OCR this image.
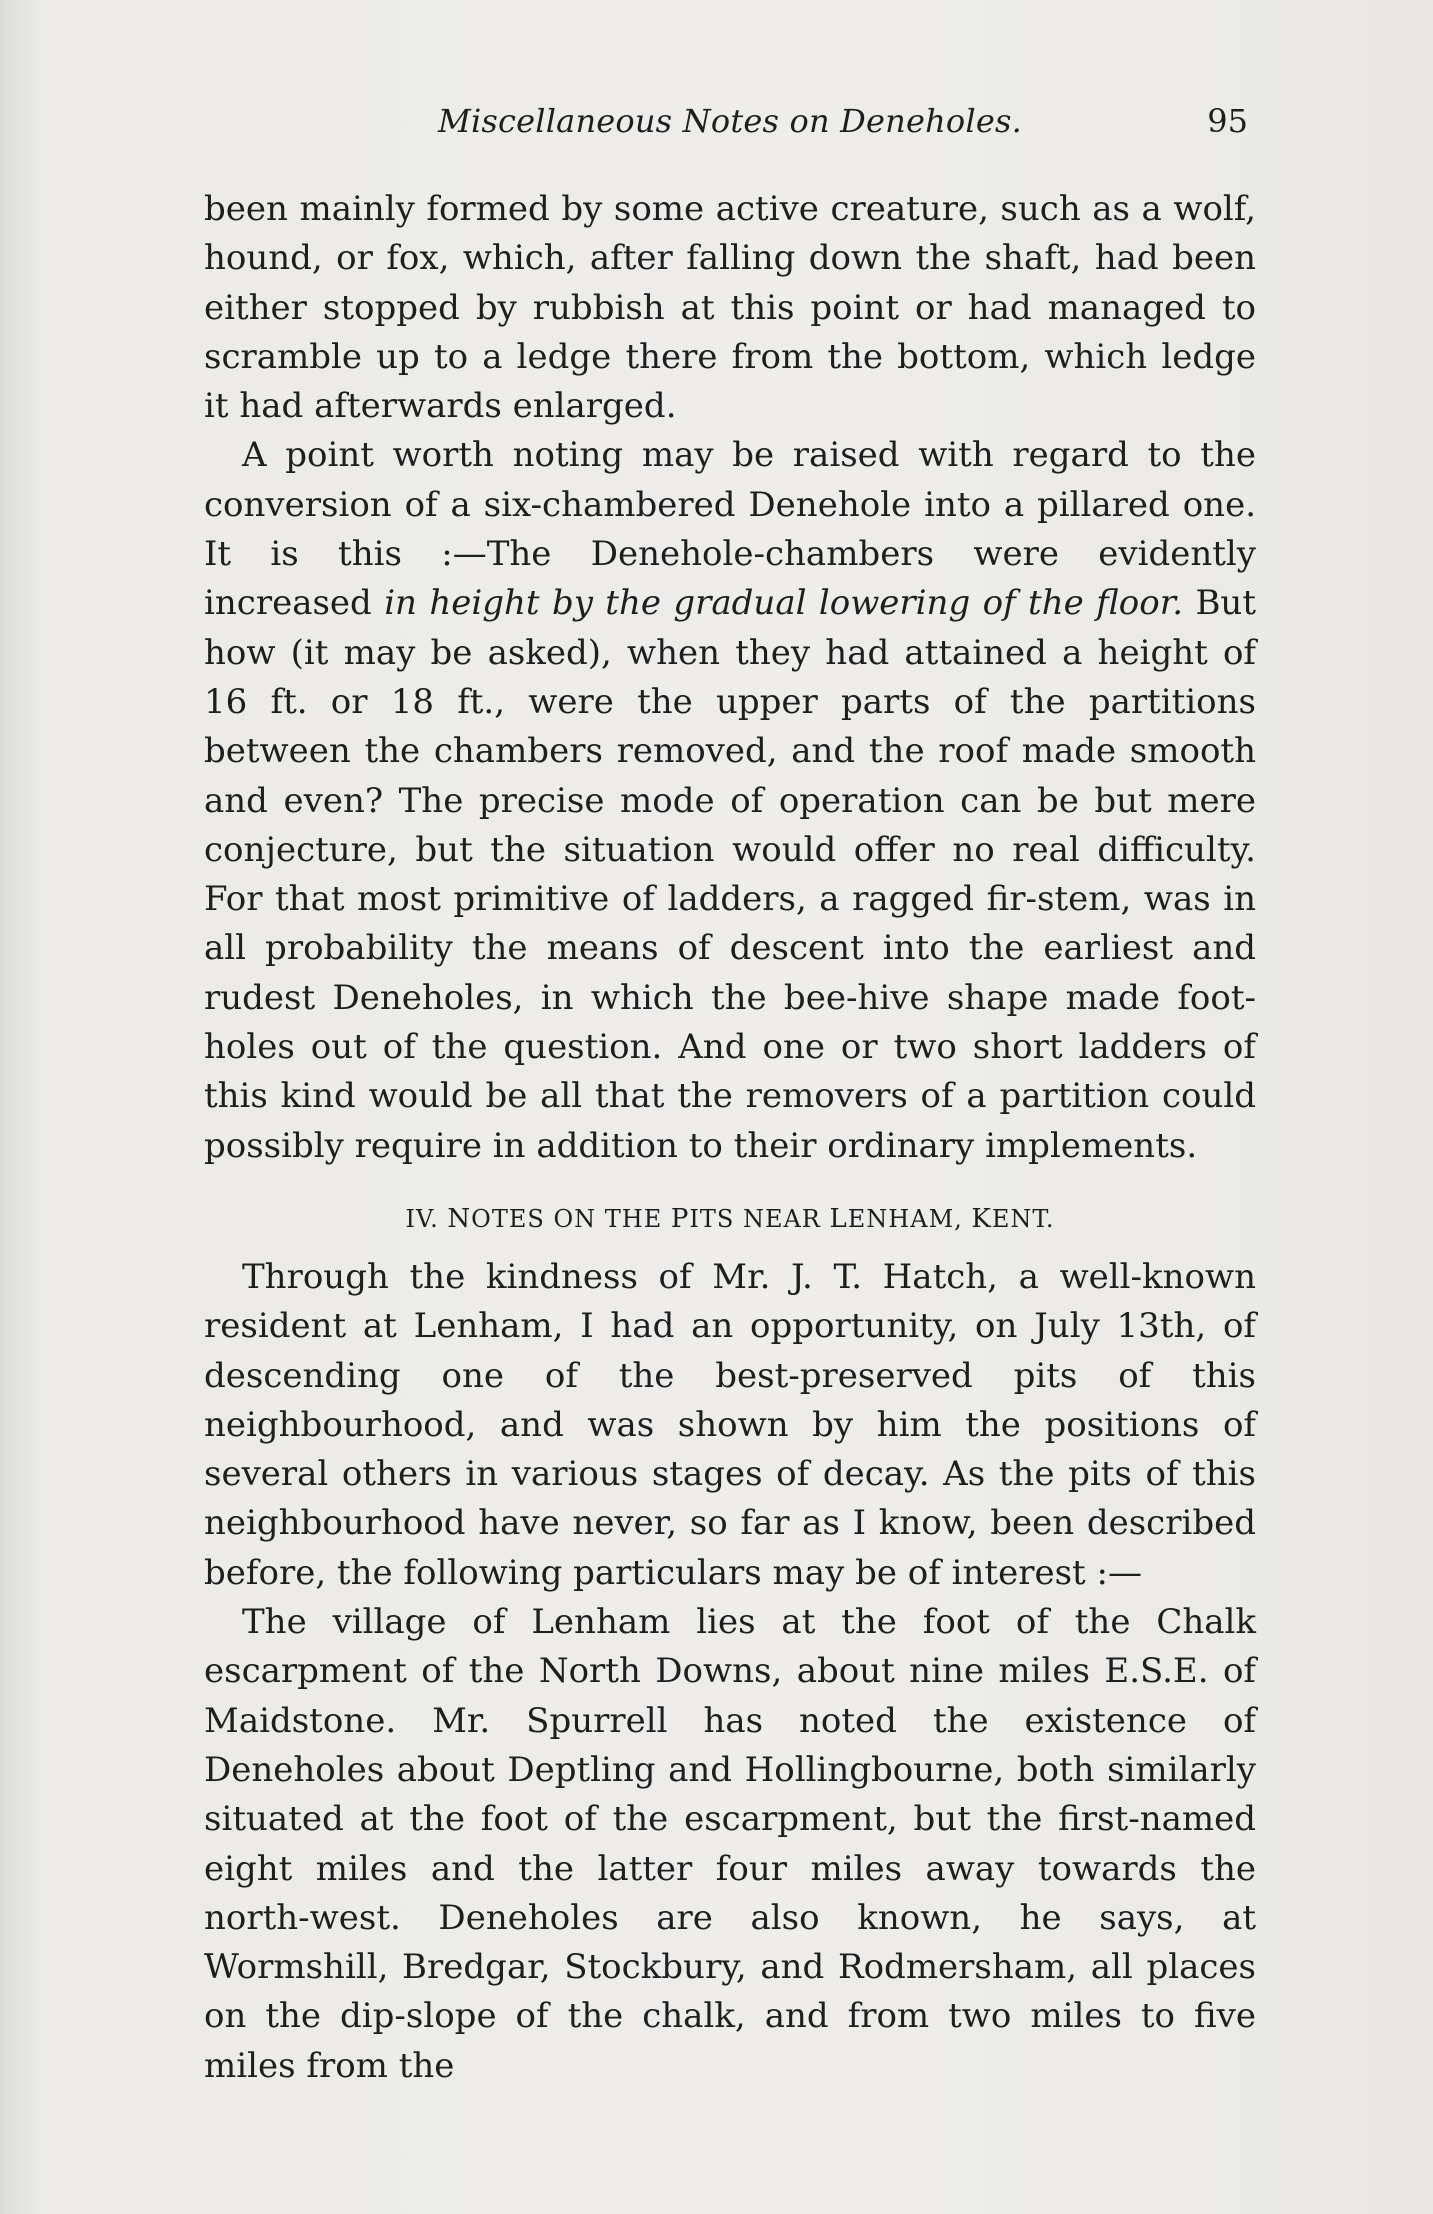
Miscellaneous Notes on Deneholes.	95

been mainly formed by some active creature, such as a wolf, hound, or fox, which, after falling down the shaft, had been either stopped by rubbish at this point or had managed to scramble up to a ledge there from the bottom, which ledge it had afterwards enlarged.

A point worth noting may be raised with regard to the conversion of a six-chambered Denehole into a pillared one. It is this :—The Denehole-chambers were evidently increased in height by the gradual lowering of the floor. But how (it may be asked), when they had attained a height of 16 ft. or 18 ft., were the upper parts of the partitions between the chambers removed, and the roof made smooth and even? The precise mode of operation can be but mere conjecture, but the situation would offer no real difficulty. For that most primitive of ladders, a ragged fir-stem, was in all probability the means of descent into the earliest and rudest Deneholes, in which the bee-hive shape made foot-holes out of the question. And one or two short ladders of this kind would be all that the removers of a partition could possibly require in addition to their ordinary implements.

IV. NOTES ON THE PITS NEAR LENHAM, KENT.

Through the kindness of Mr. J. T. Hatch, a well-known resident at Lenham, I had an opportunity, on July 13th, of descending one of the best-preserved pits of this neighbourhood, and was shown by him the positions of several others in various stages of decay. As the pits of this neighbourhood have never, so far as I know, been described before, the following particulars may be of interest :—

The village of Lenham lies at the foot of the Chalk escarpment of the North Downs, about nine miles E.S.E. of Maidstone. Mr. Spurrell has noted the existence of Deneholes about Deptling and Hollingbourne, both similarly situated at the foot of the escarpment, but the first-named eight miles and the latter four miles away towards the north-west. Deneholes are also known, he says, at Wormshill, Bredgar, Stockbury, and Rodmersham, all places on the dip-slope of the chalk, and from two miles to five miles from the
